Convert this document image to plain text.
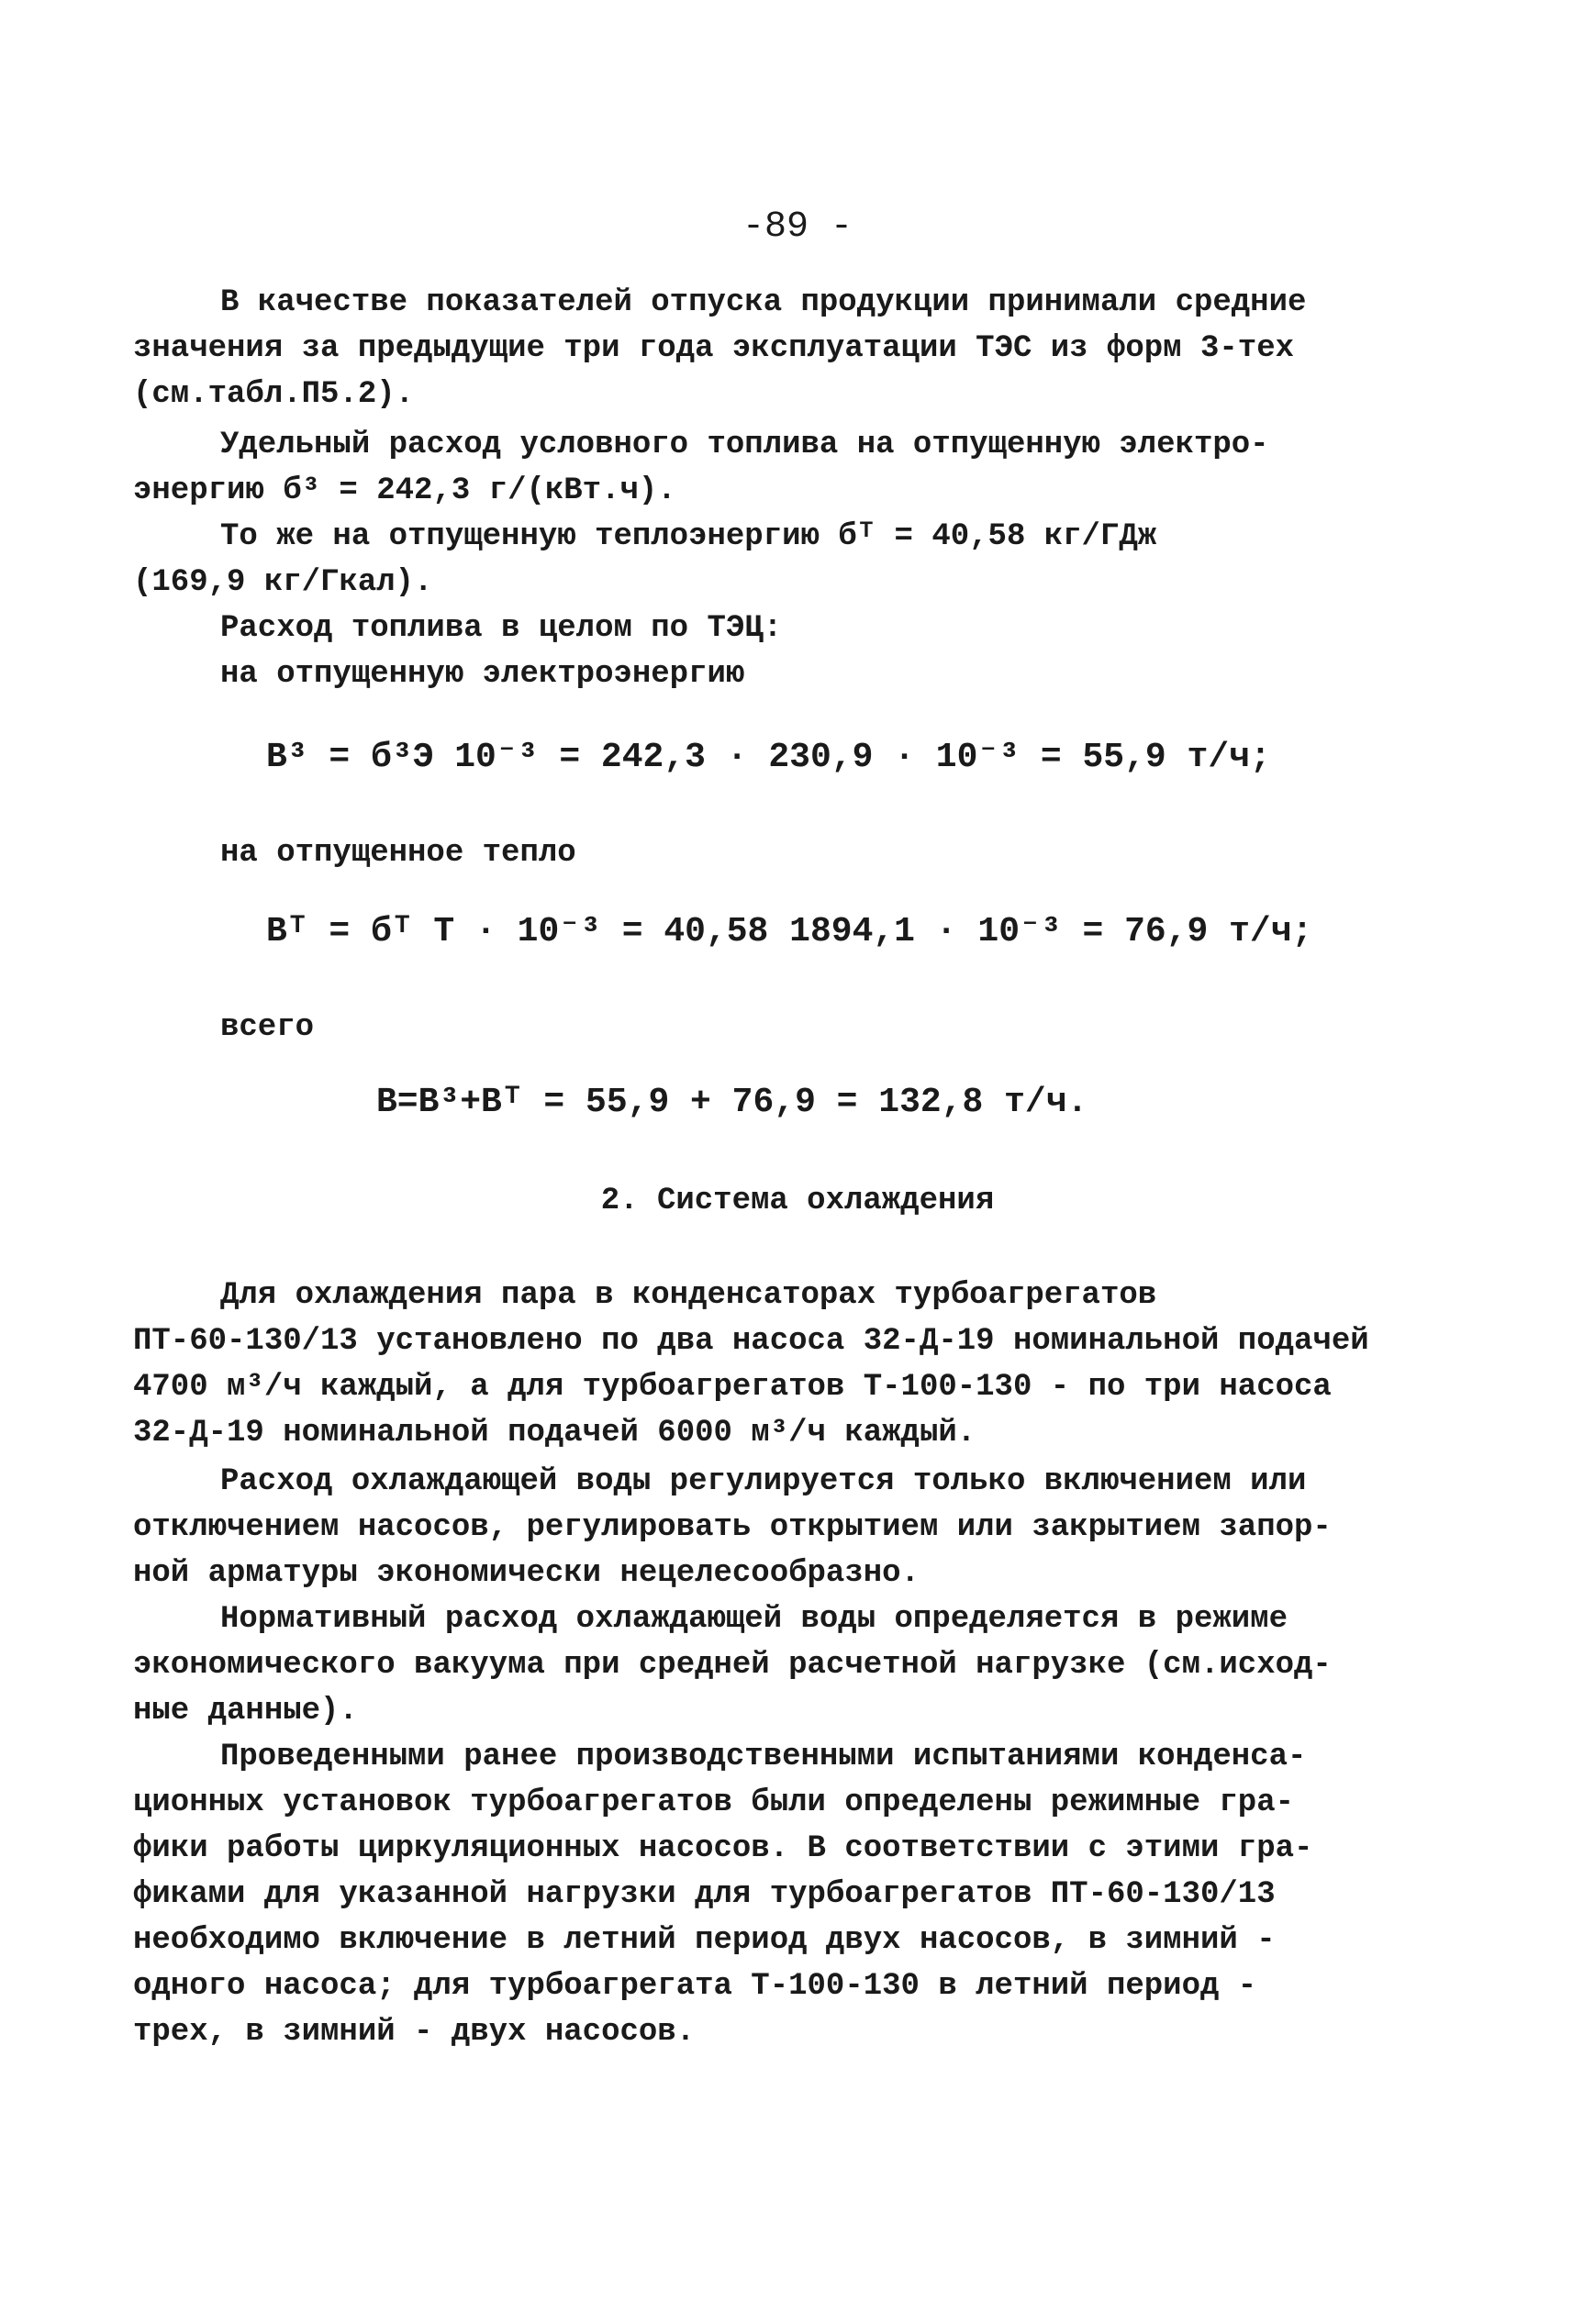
-89 -
В качестве показателей отпуска продукции принимали средние
значения за предыдущие три года эксплуатации ТЭС из форм 3-тех
(см.табл.П5.2).
Удельный расход условного топлива на отпущенную электро-
энергию б³ = 242,3 г/(кВт.ч).
То же на отпущенную теплоэнергию бᵀ = 40,58 кг/ГДж
(169,9 кг/Гкал).
Расход топлива в целом по ТЭЦ:
на отпущенную электроэнергию
В³ = б³Э 10⁻³ = 242,3 · 230,9 · 10⁻³ = 55,9 т/ч;
на отпущенное тепло
Вᵀ = бᵀ Т · 10⁻³ = 40,58 1894,1 · 10⁻³ = 76,9 т/ч;
всего
В=В³+Вᵀ = 55,9 + 76,9 = 132,8 т/ч.
2. Система охлаждения
Для охлаждения пара в конденсаторах турбоагрегатов
ПТ-60-130/13 установлено по два насоса 32-Д-19 номинальной подачей
4700 м³/ч каждый, а для турбоагрегатов Т-100-130 - по три насоса
32-Д-19 номинальной подачей 6000 м³/ч каждый.
Расход охлаждающей воды регулируется только включением или
отключением насосов, регулировать открытием или закрытием запор-
ной арматуры экономически нецелесообразно.
Нормативный расход охлаждающей воды определяется в режиме
экономического вакуума при средней расчетной нагрузке (см.исход-
ные данные).
Проведенными ранее производственными испытаниями конденса-
ционных установок турбоагрегатов были определены режимные гра-
фики работы циркуляционных насосов. В соответствии с этими гра-
фиками для указанной нагрузки для турбоагрегатов ПТ-60-130/13
необходимо включение в летний период двух насосов, в зимний -
одного насоса; для турбоагрегата Т-100-130 в летний период -
трех, в зимний - двух насосов.
